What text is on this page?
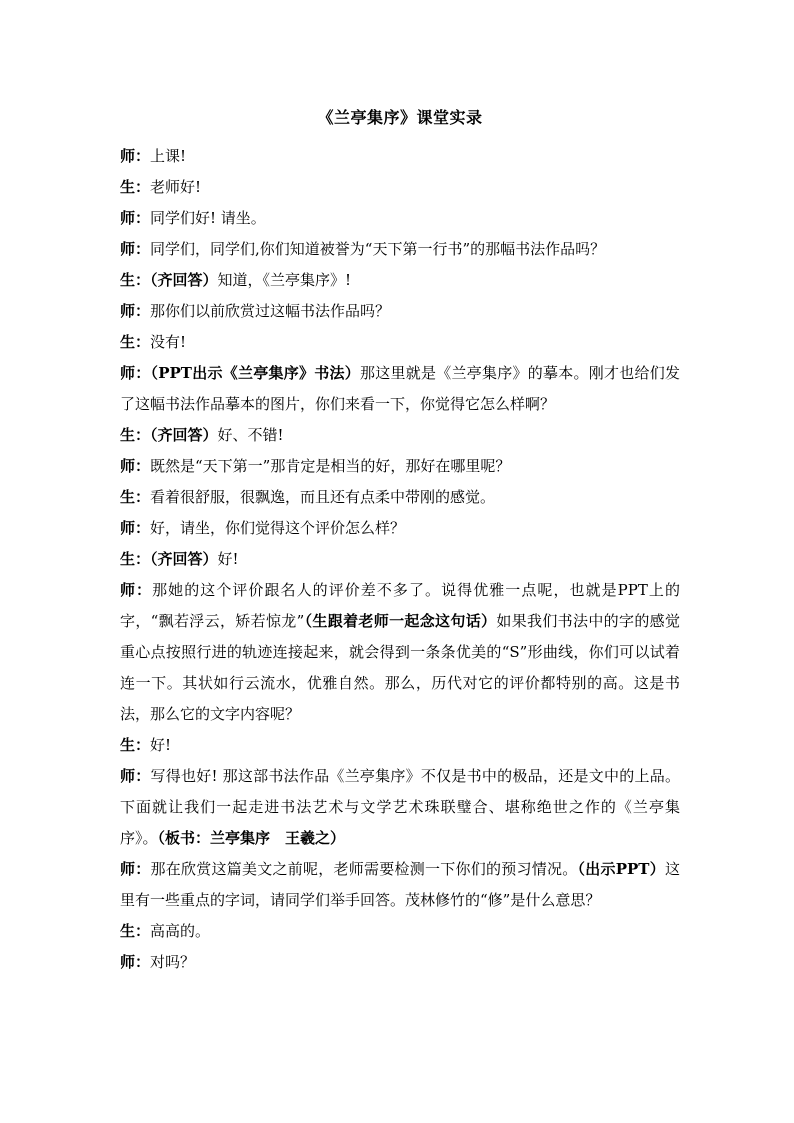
《兰亭集序》课堂实录

师：上课!

生：老师好!

师：同学们好! 请坐。

师：同学们，同学们,你们知道被誉为“天下第一行书”的那幅书法作品吗？

生：（齐回答）知道，《兰亭集序》!

师：那你们以前欣赏过这幅书法作品吗？

生：没有!

师：（PPT出示《兰亭集序》书法）那这里就是《兰亭集序》的摹本。刚才也给们发了这幅书法作品摹本的图片，你们来看一下，你觉得它怎么样啊？

生：（齐回答）好、不错!

师：既然是“天下第一”那肯定是相当的好，那好在哪里呢？

生：看着很舒服，很飘逸，而且还有点柔中带刚的感觉。

师：好，请坐，你们觉得这个评价怎么样？

生：（齐回答）好!

师：那她的这个评价跟名人的评价差不多了。说得优雅一点呢，也就是PPT上的字，“飘若浮云，矫若惊龙”（生跟着老师一起念这句话）如果我们书法中的字的感觉重心点按照行进的轨迹连接起来，就会得到一条条优美的“S”形曲线，你们可以试着连一下。其状如行云流水，优雅自然。那么，历代对它的评价都特别的高。这是书法，那么它的文字内容呢？

生：好!

师：写得也好! 那这部书法作品《兰亭集序》不仅是书中的极品，还是文中的上品。下面就让我们一起走进书法艺术与文学艺术珠联璧合、堪称绝世之作的《兰亭集序》。（板书：兰亭集序　王羲之）

师：那在欣赏这篇美文之前呢，老师需要检测一下你们的预习情况。（出示PPT）这里有一些重点的字词，请同学们举手回答。茂林修竹的“修”是什么意思？

生：高高的。

师：对吗？
